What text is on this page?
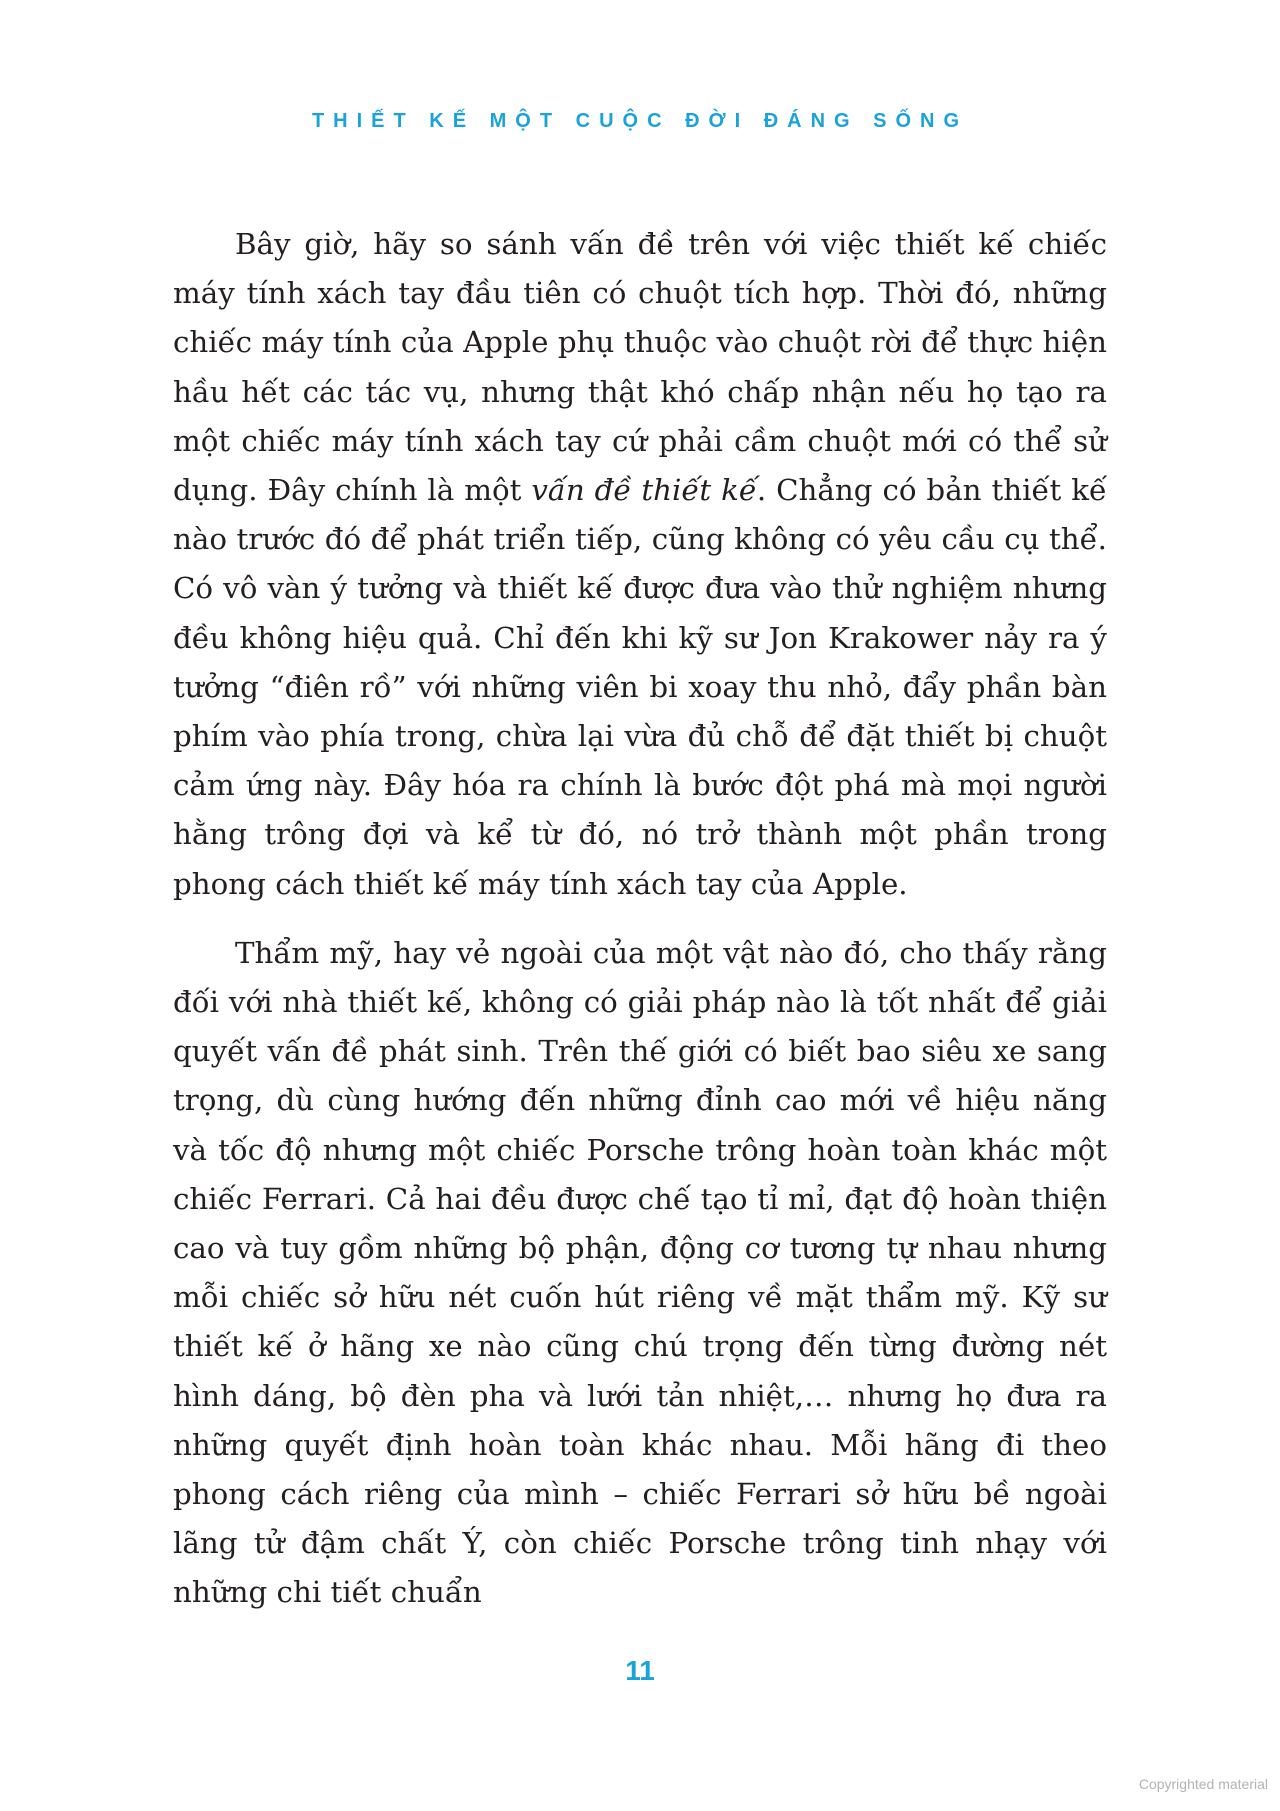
THIẾT KẾ MỘT CUỘC ĐỜI ĐÁNG SỐNG

Bây giờ, hãy so sánh vấn đề trên với việc thiết kế chiếc máy tính xách tay đầu tiên có chuột tích hợp. Thời đó, những chiếc máy tính của Apple phụ thuộc vào chuột rời để thực hiện hầu hết các tác vụ, nhưng thật khó chấp nhận nếu họ tạo ra một chiếc máy tính xách tay cứ phải cầm chuột mới có thể sử dụng. Đây chính là một vấn đề thiết kế. Chẳng có bản thiết kế nào trước đó để phát triển tiếp, cũng không có yêu cầu cụ thể. Có vô vàn ý tưởng và thiết kế được đưa vào thử nghiệm nhưng đều không hiệu quả. Chỉ đến khi kỹ sư Jon Krakower nảy ra ý tưởng “điên rồ” với những viên bi xoay thu nhỏ, đẩy phần bàn phím vào phía trong, chừa lại vừa đủ chỗ để đặt thiết bị chuột cảm ứng này. Đây hóa ra chính là bước đột phá mà mọi người hằng trông đợi và kể từ đó, nó trở thành một phần trong phong cách thiết kế máy tính xách tay của Apple.

Thẩm mỹ, hay vẻ ngoài của một vật nào đó, cho thấy rằng đối với nhà thiết kế, không có giải pháp nào là tốt nhất để giải quyết vấn đề phát sinh. Trên thế giới có biết bao siêu xe sang trọng, dù cùng hướng đến những đỉnh cao mới về hiệu năng và tốc độ nhưng một chiếc Porsche trông hoàn toàn khác một chiếc Ferrari. Cả hai đều được chế tạo tỉ mỉ, đạt độ hoàn thiện cao và tuy gồm những bộ phận, động cơ tương tự nhau nhưng mỗi chiếc sở hữu nét cuốn hút riêng về mặt thẩm mỹ. Kỹ sư thiết kế ở hãng xe nào cũng chú trọng đến từng đường nét hình dáng, bộ đèn pha và lưới tản nhiệt,… nhưng họ đưa ra những quyết định hoàn toàn khác nhau. Mỗi hãng đi theo phong cách riêng của mình – chiếc Ferrari sở hữu bề ngoài lãng tử đậm chất Ý, còn chiếc Porsche trông tinh nhạy với những chi tiết chuẩn

11
Copyrighted material
